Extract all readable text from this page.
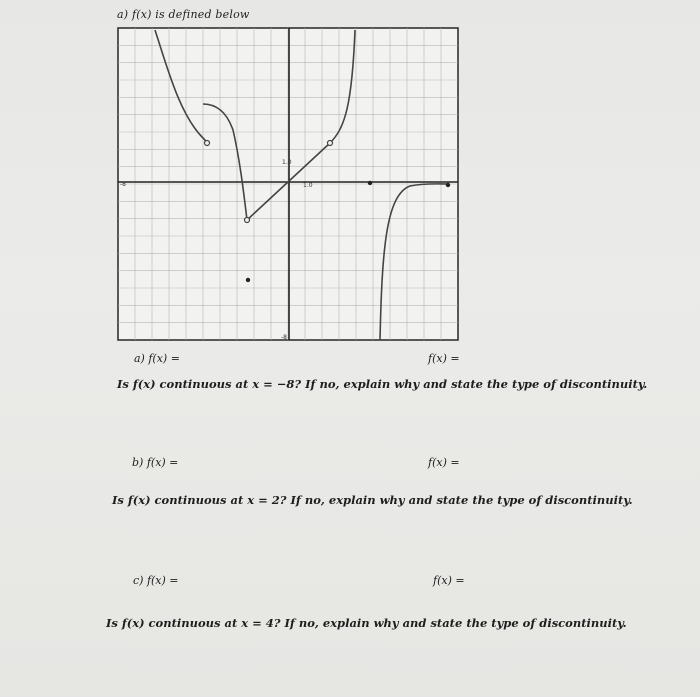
a) f(x) is defined below
1.0
1.0
-8
-8
a) f(x) =	f(x) =
Is f(x) continuous at x = −8? If no, explain why and state the type of discontinuity.
b) f(x) =	f(x) =
Is f(x) continuous at x = 2? If no, explain why and state the type of discontinuity.
c) f(x) =	f(x) =
Is f(x) continuous at x = 4? If no, explain why and state the type of discontinuity.
